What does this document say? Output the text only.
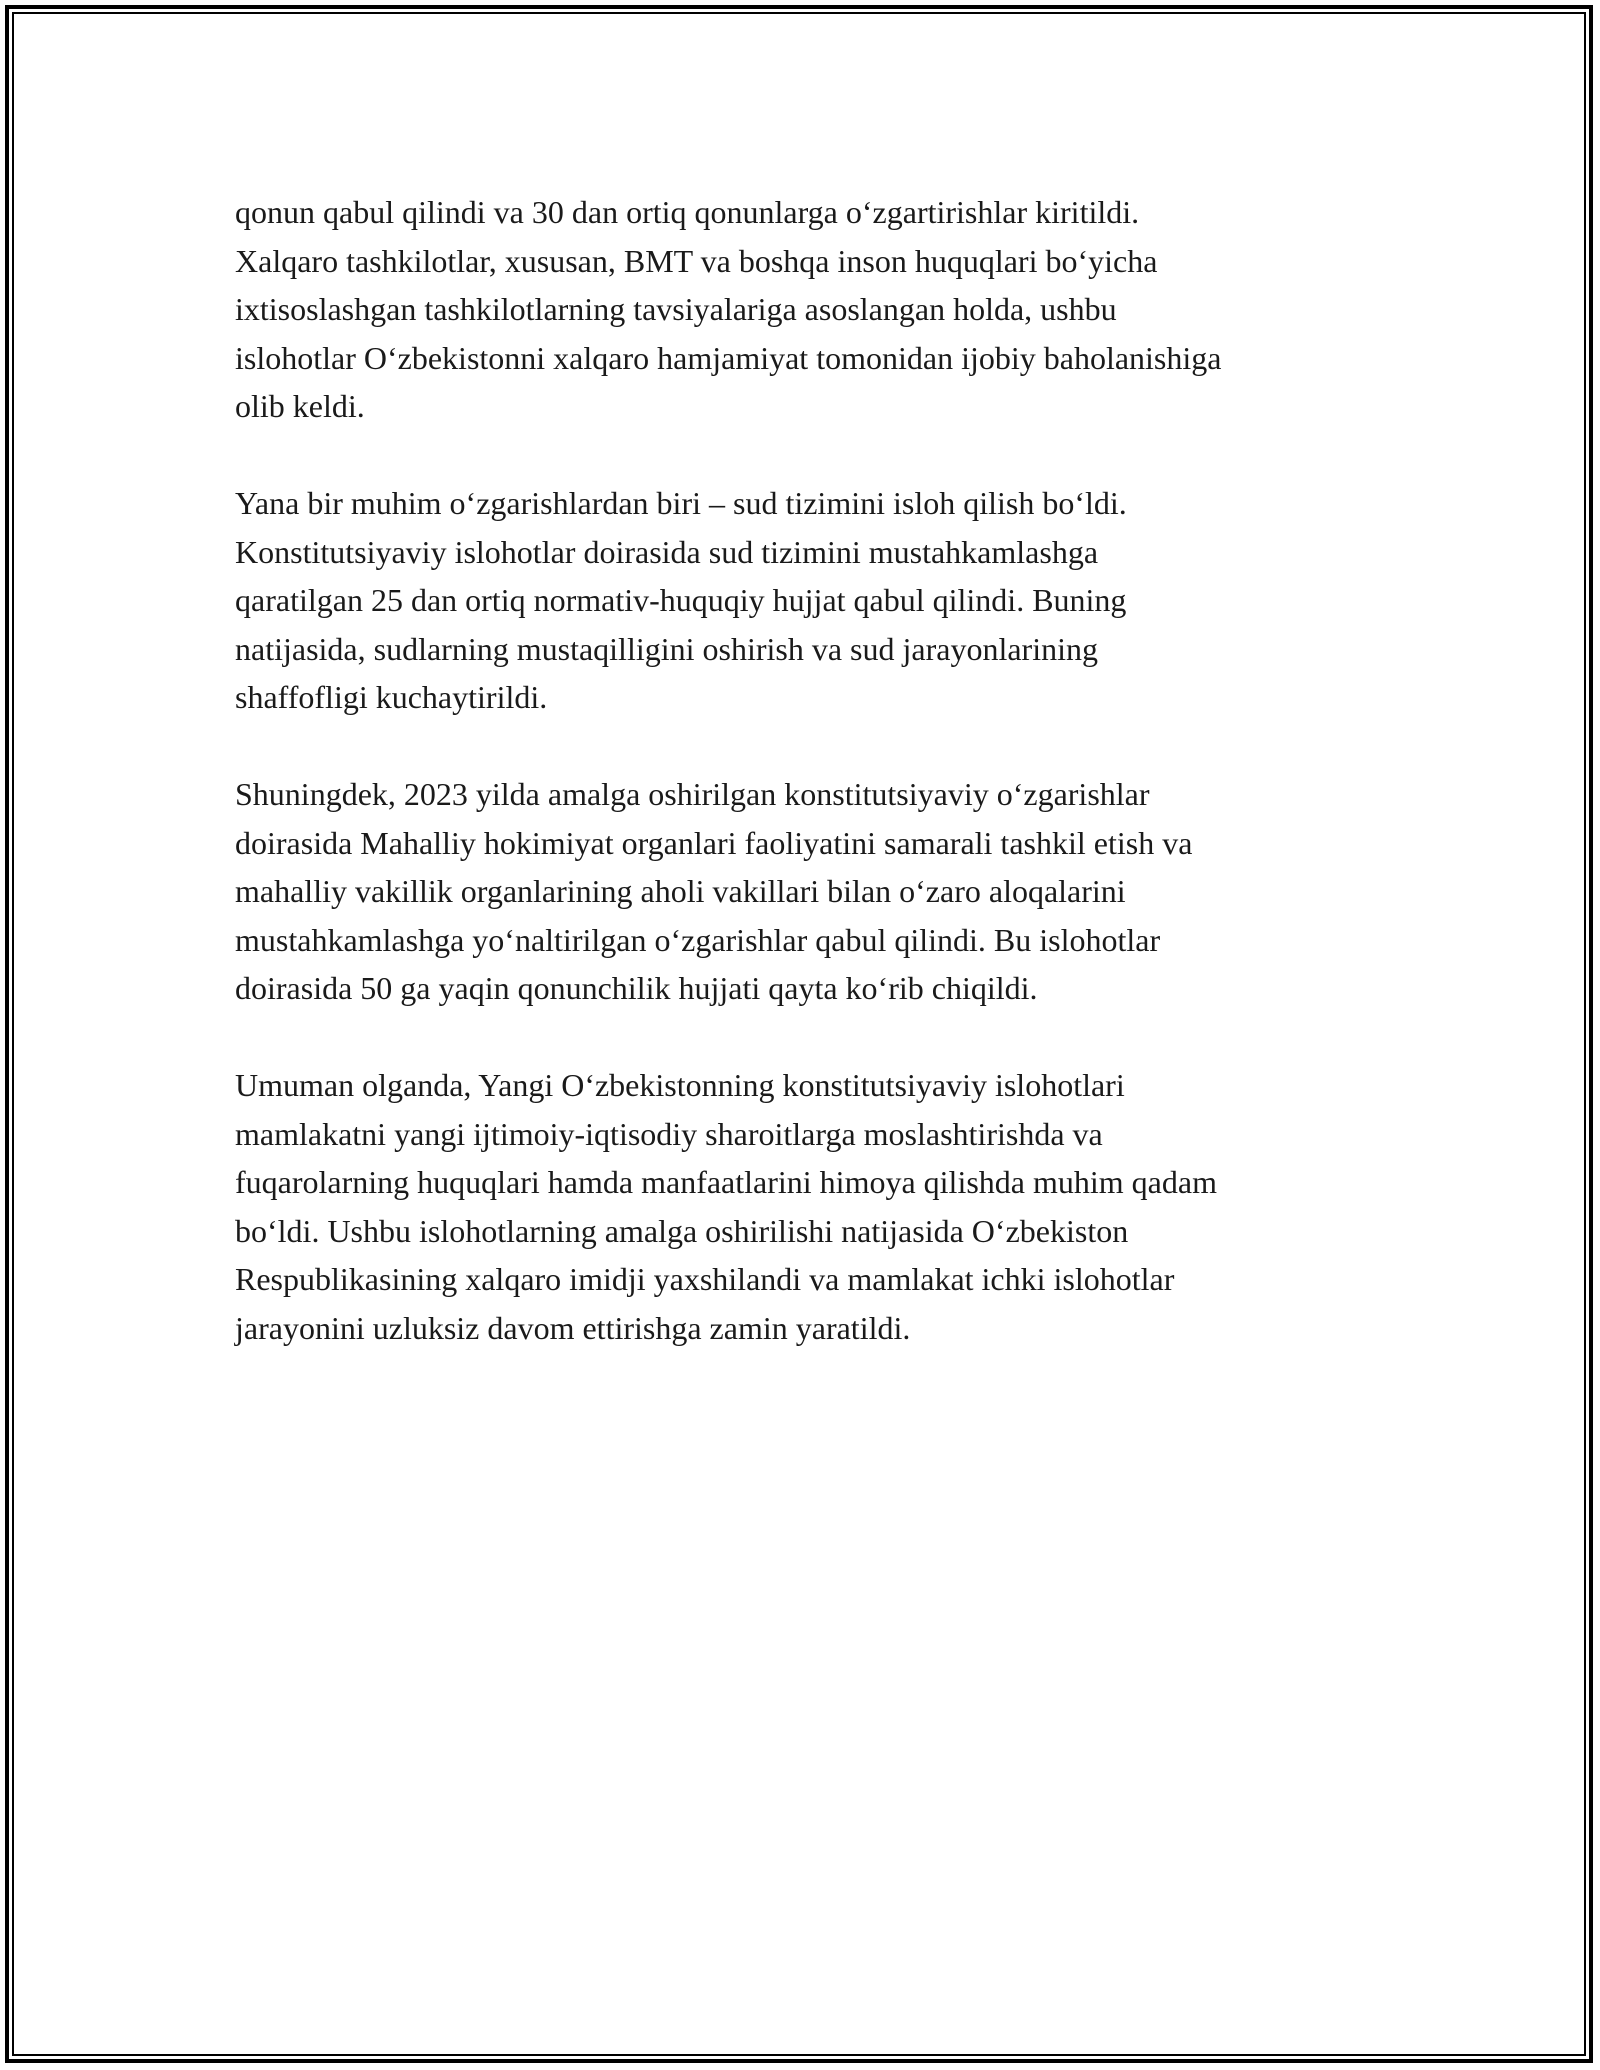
qonun qabul qilindi va 30 dan ortiq qonunlarga o‘zgartirishlar kiritildi.
Xalqaro tashkilotlar, xususan, BMT va boshqa inson huquqlari bo‘yicha
ixtisoslashgan tashkilotlarning tavsiyalariga asoslangan holda, ushbu
islohotlar O‘zbekistonni xalqaro hamjamiyat tomonidan ijobiy baholanishiga
olib keldi.

Yana bir muhim o‘zgarishlardan biri – sud tizimini isloh qilish bo‘ldi.
Konstitutsiyaviy islohotlar doirasida sud tizimini mustahkamlashga
qaratilgan 25 dan ortiq normativ-huquqiy hujjat qabul qilindi. Buning
natijasida, sudlarning mustaqilligini oshirish va sud jarayonlarining
shaffofligi kuchaytirildi.

Shuningdek, 2023 yilda amalga oshirilgan konstitutsiyaviy o‘zgarishlar
doirasida Mahalliy hokimiyat organlari faoliyatini samarali tashkil etish va
mahalliy vakillik organlarining aholi vakillari bilan o‘zaro aloqalarini
mustahkamlashga yo‘naltirilgan o‘zgarishlar qabul qilindi. Bu islohotlar
doirasida 50 ga yaqin qonunchilik hujjati qayta ko‘rib chiqildi.

Umuman olganda, Yangi O‘zbekistonning konstitutsiyaviy islohotlari
mamlakatni yangi ijtimoiy-iqtisodiy sharoitlarga moslashtirishda va
fuqarolarning huquqlari hamda manfaatlarini himoya qilishda muhim qadam
bo‘ldi. Ushbu islohotlarning amalga oshirilishi natijasida O‘zbekiston
Respublikasining xalqaro imidji yaxshilandi va mamlakat ichki islohotlar
jarayonini uzluksiz davom ettirishga zamin yaratildi.
